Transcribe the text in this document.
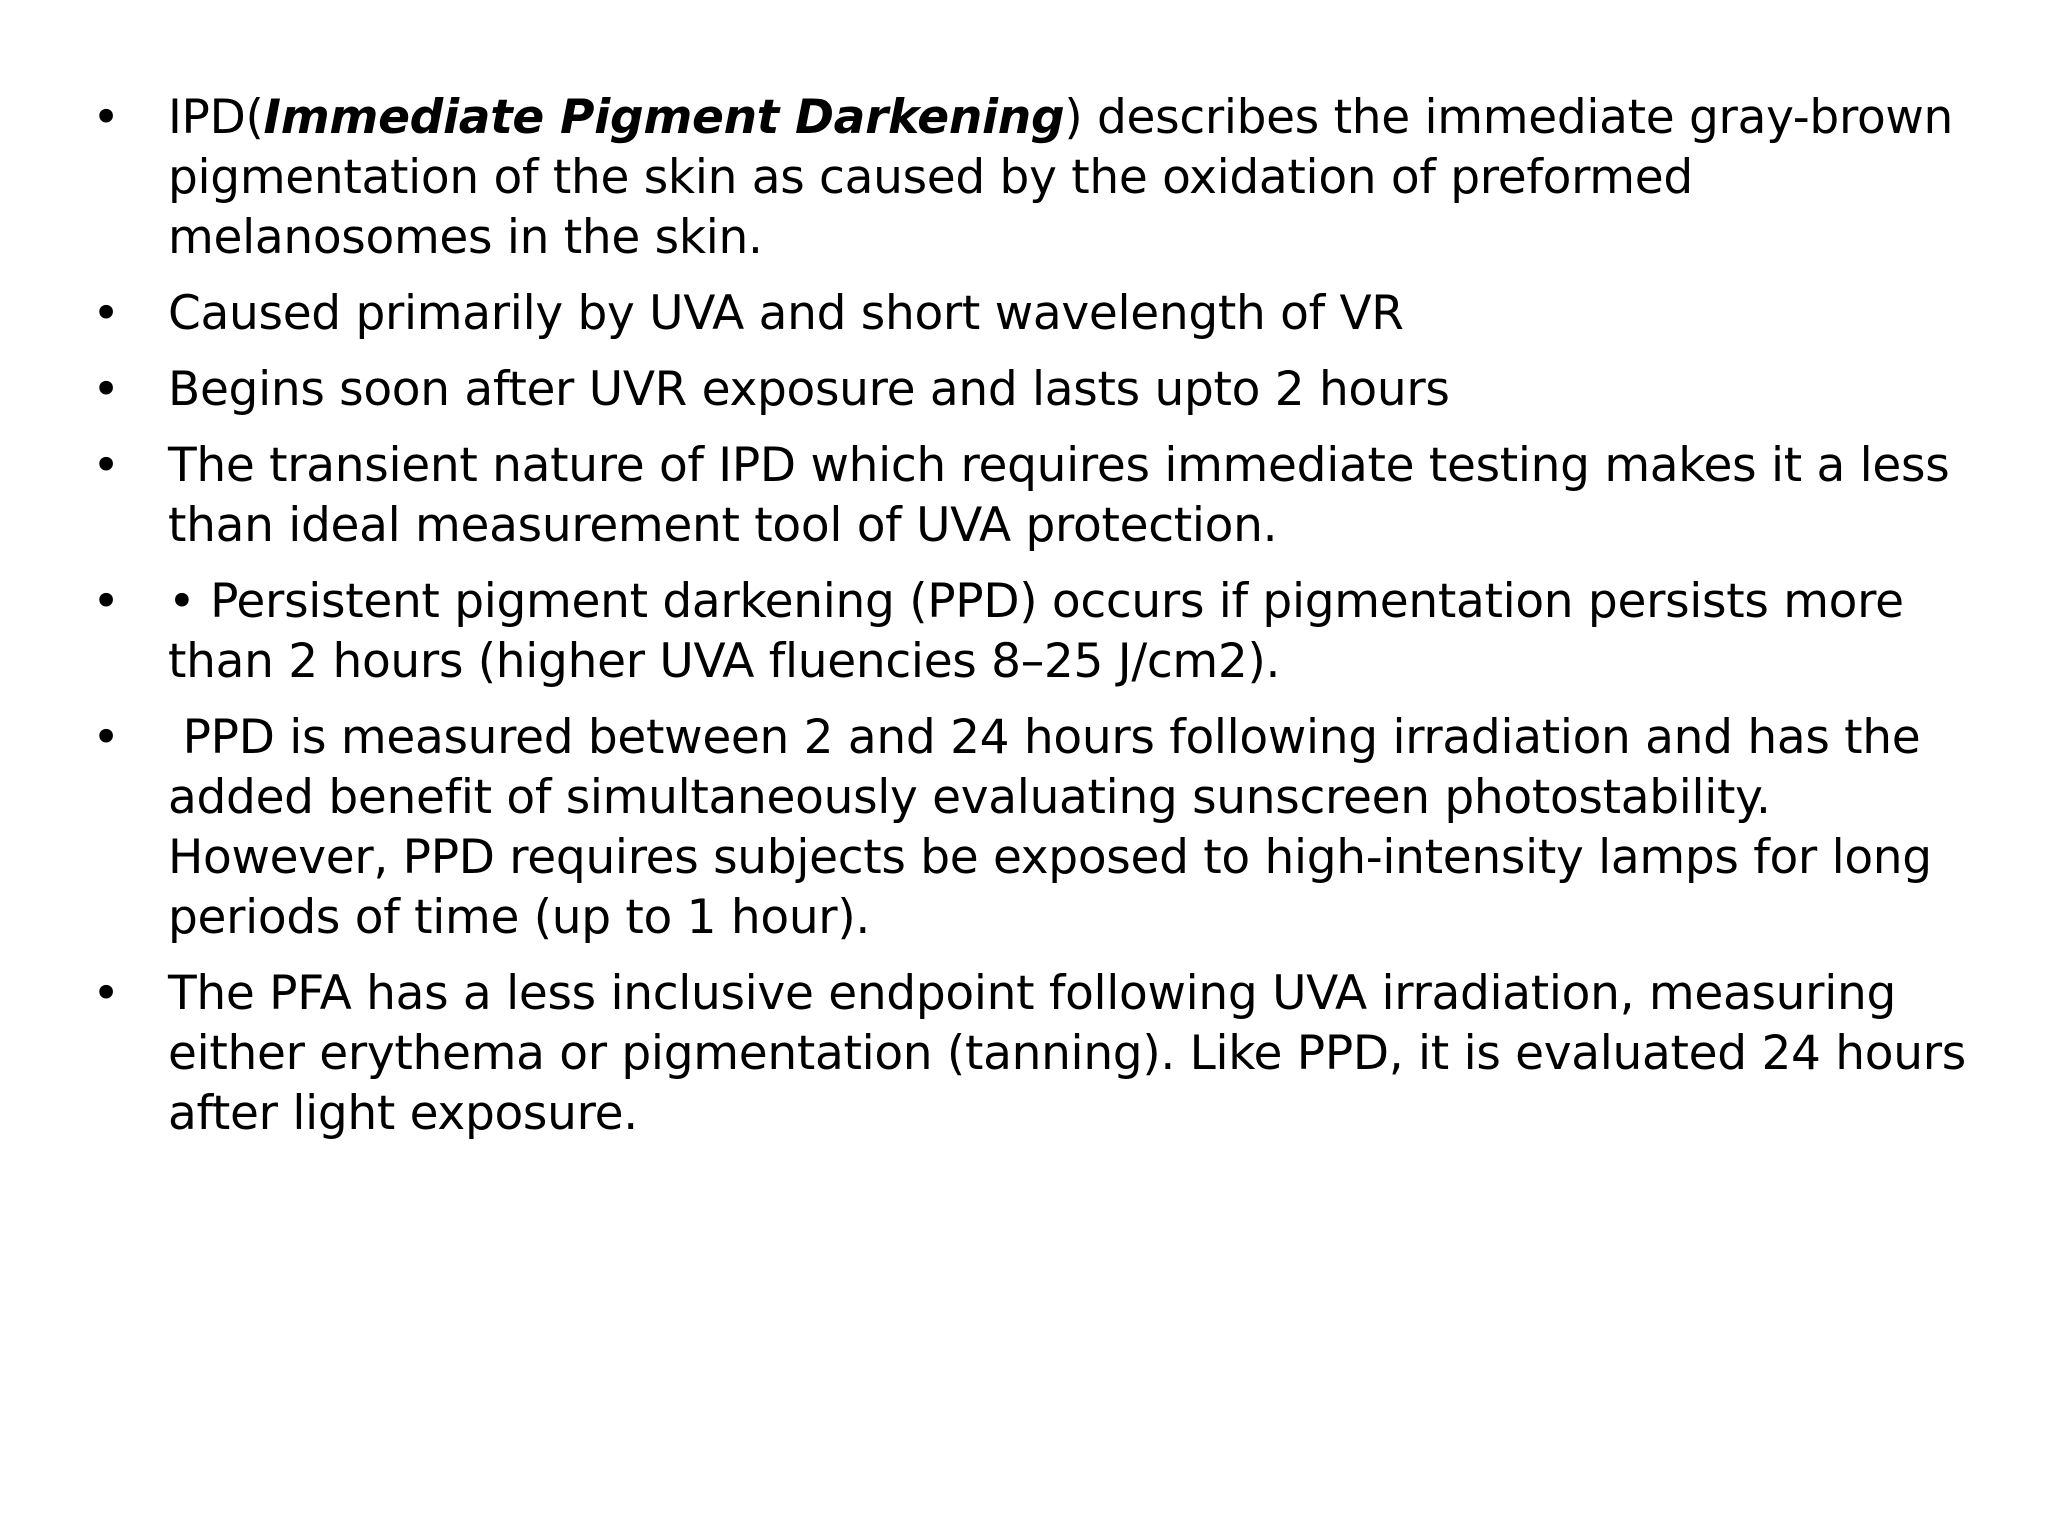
• IPD(Immediate Pigment Darkening) describes the immediate gray-brown pigmentation of the skin as caused by the oxidation of preformed melanosomes in the skin.
• Caused primarily by UVA and short wavelength of VR
• Begins soon after UVR exposure and lasts upto 2 hours
• The transient nature of IPD which requires immediate testing makes it a less than ideal measurement tool of UVA protection.
• • Persistent pigment darkening (PPD) occurs if pigmentation persists more than 2 hours (higher UVA fluencies 8–25 J/cm2).
• PPD is measured between 2 and 24 hours following irradiation and has the added benefit of simultaneously evaluating sunscreen photostability. However, PPD requires subjects be exposed to high-intensity lamps for long periods of time (up to 1 hour).
• The PFA has a less inclusive endpoint following UVA irradiation, measuring either erythema or pigmentation (tanning). Like PPD, it is evaluated 24 hours after light exposure.
